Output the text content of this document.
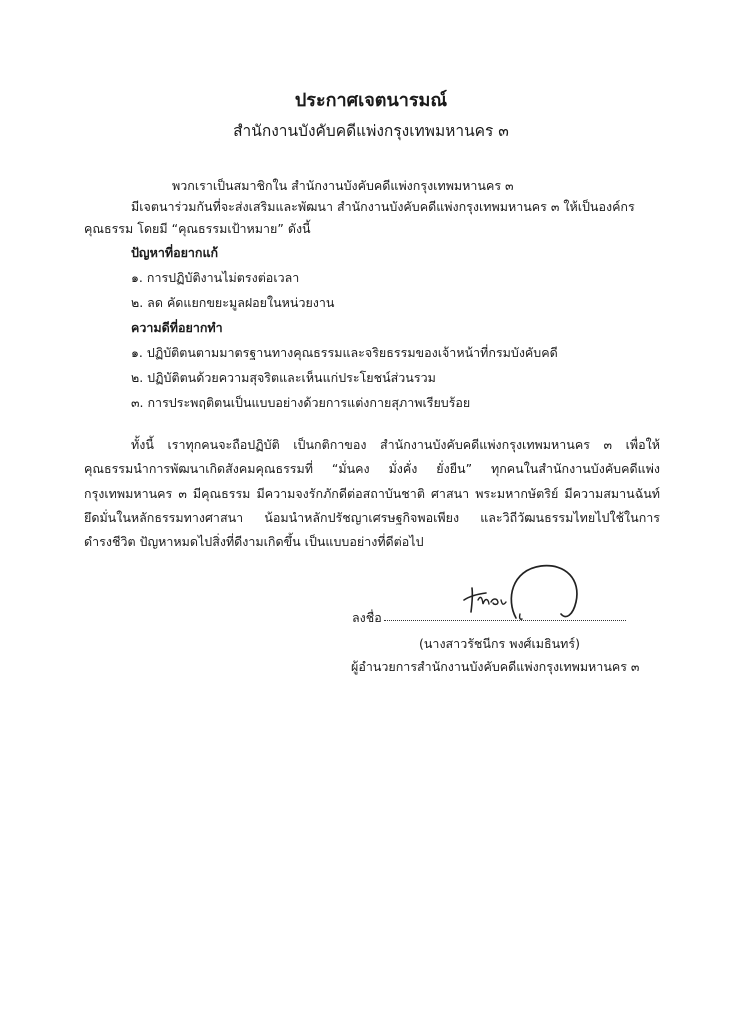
ประกาศเจตนารมณ์
สำนักงานบังคับคดีแพ่งกรุงเทพมหานคร ๓
พวกเราเป็นสมาชิกใน สำนักงานบังคับคดีแพ่งกรุงเทพมหานคร ๓
มีเจตนาร่วมกันที่จะส่งเสริมและพัฒนา สำนักงานบังคับคดีแพ่งกรุงเทพมหานคร ๓ ให้เป็นองค์กร
คุณธรรม โดยมี “คุณธรรมเป้าหมาย” ดังนี้
ปัญหาที่อยากแก้
๑. การปฏิบัติงานไม่ตรงต่อเวลา
๒. ลด คัดแยกขยะมูลฝอยในหน่วยงาน
ความดีที่อยากทำ
๑. ปฏิบัติตนตามมาตรฐานทางคุณธรรมและจริยธรรมของเจ้าหน้าที่กรมบังคับคดี
๒. ปฏิบัติตนด้วยความสุจริตและเห็นแก่ประโยชน์ส่วนรวม
๓. การประพฤติตนเป็นแบบอย่างด้วยการแต่งกายสุภาพเรียบร้อย
ทั้งนี้ เราทุกคนจะถือปฏิบัติ เป็นกติกาของ สำนักงานบังคับคดีแพ่งกรุงเทพมหานคร ๓ เพื่อให้
คุณธรรมนำการพัฒนาเกิดสังคมคุณธรรมที่ “มั่นคง มั่งคั่ง ยั่งยืน” ทุกคนในสำนักงานบังคับคดีแพ่ง
กรุงเทพมหานคร ๓ มีคุณธรรม มีความจงรักภักดีต่อสถาบันชาติ ศาสนา พระมหากษัตริย์ มีความสมานฉันท์
ยึดมั่นในหลักธรรมทางศาสนา น้อมนำหลักปรัชญาเศรษฐกิจพอเพียง และวิถีวัฒนธรรมไทยไปใช้ในการ
ดำรงชีวิต ปัญหาหมดไปสิ่งที่ดีงามเกิดขึ้น เป็นแบบอย่างที่ดีต่อไป
ลงชื่อ
(นางสาวรัชนีกร พงศ์เมธินทร์)
ผู้อำนวยการสำนักงานบังคับคดีแพ่งกรุงเทพมหานคร ๓
